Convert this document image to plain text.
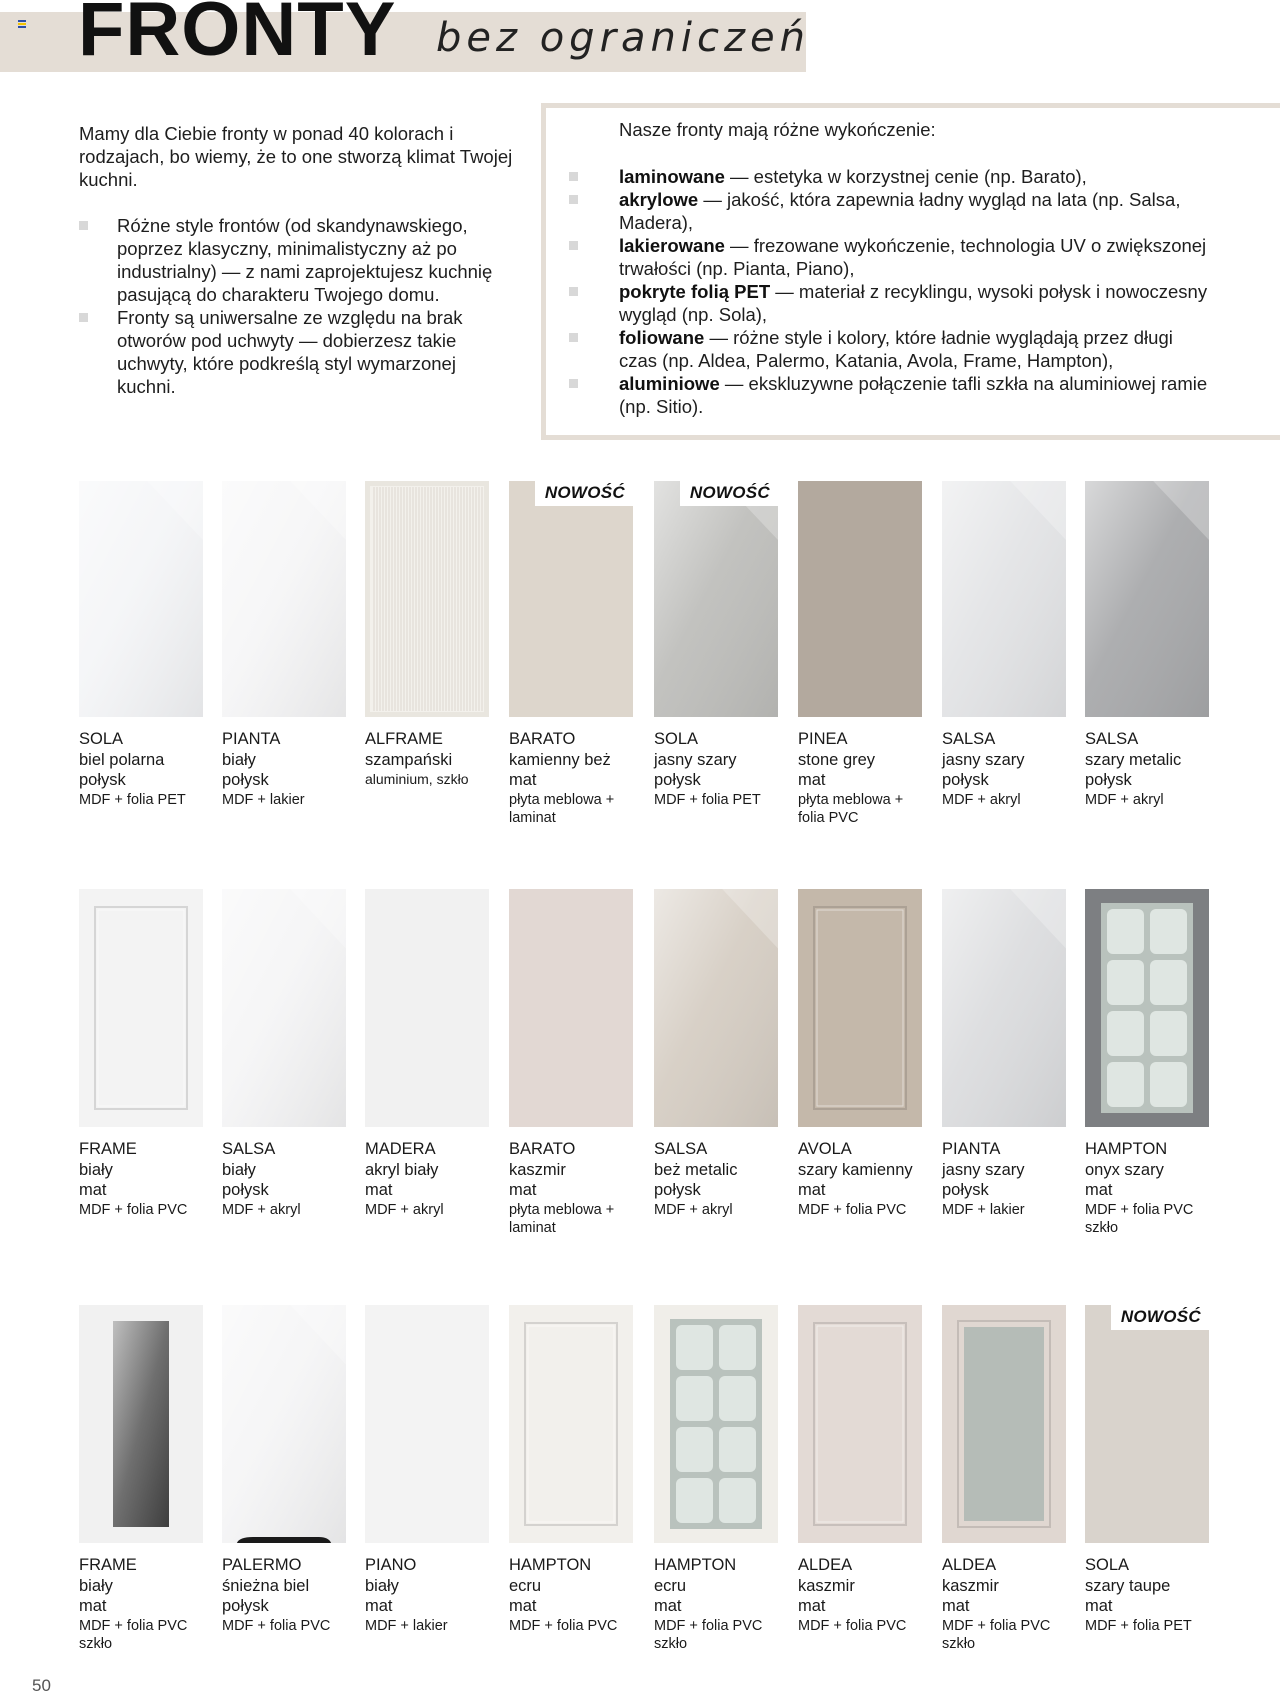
FRONTY bez ograniczeń

Mamy dla Ciebie fronty w ponad 40 kolorach i rodzajach, bo wiemy, że to one stworzą klimat Twojej kuchni.

Różne style frontów (od skandynawskiego, poprzez klasyczny, minimalistyczny aż po industrialny) — z nami zaprojektujesz kuchnię pasującą do charakteru Twojego domu.
Fronty są uniwersalne ze względu na brak otworów pod uchwyty — dobierzesz takie uchwyty, które podkreślą styl wymarzonej kuchni.
Nasze fronty mają różne wykończenie:
laminowane — estetyka w korzystnej cenie (np. Barato),
akrylowe — jakość, która zapewnia ładny wygląd na lata (np. Salsa, Madera),
lakierowane — frezowane wykończenie, technologia UV o zwiększonej trwałości (np. Pianta, Piano),
pokryte folią PET — materiał z recyklingu, wysoki połysk i nowoczesny wygląd (np. Sola),
foliowane — różne style i kolory, które ładnie wyglądają przez długi czas (np. Aldea, Palermo, Katania, Avola, Frame, Hampton),
aluminiowe — ekskluzywne połączenie tafli szkła na aluminiowej ramie (np. Sitio).
SOLA
biel polarna
połysk
MDF + folia PET
PIANTA
biały
połysk
MDF + lakier
ALFRAME
szampański
aluminium, szkło
NOWOŚĆ
BARATO
kamienny beż
mat
płyta meblowa + laminat
NOWOŚĆ
SOLA
jasny szary
połysk
MDF + folia PET
PINEA
stone grey
mat
płyta meblowa + folia PVC
SALSA
jasny szary
połysk
MDF + akryl
SALSA
szary metalic
połysk
MDF + akryl
FRAME
biały
mat
MDF + folia PVC
SALSA
biały
połysk
MDF + akryl
MADERA
akryl biały
mat
MDF + akryl
BARATO
kaszmir
mat
płyta meblowa + laminat
SALSA
beż metalic
połysk
MDF + akryl
AVOLA
szary kamienny
mat
MDF + folia PVC
PIANTA
jasny szary
połysk
MDF + lakier
HAMPTON
onyx szary
mat
MDF + folia PVC
szkło
FRAME
biały
mat
MDF + folia PVC
szkło
PALERMO
śnieżna biel
połysk
MDF + folia PVC
PIANO
biały
mat
MDF + lakier
HAMPTON
ecru
mat
MDF + folia PVC
HAMPTON
ecru
mat
MDF + folia PVC
szkło
ALDEA
kaszmir
mat
MDF + folia PVC
ALDEA
kaszmir
mat
MDF + folia PVC
szkło
NOWOŚĆ
SOLA
szary taupe
mat
MDF + folia PET
50
